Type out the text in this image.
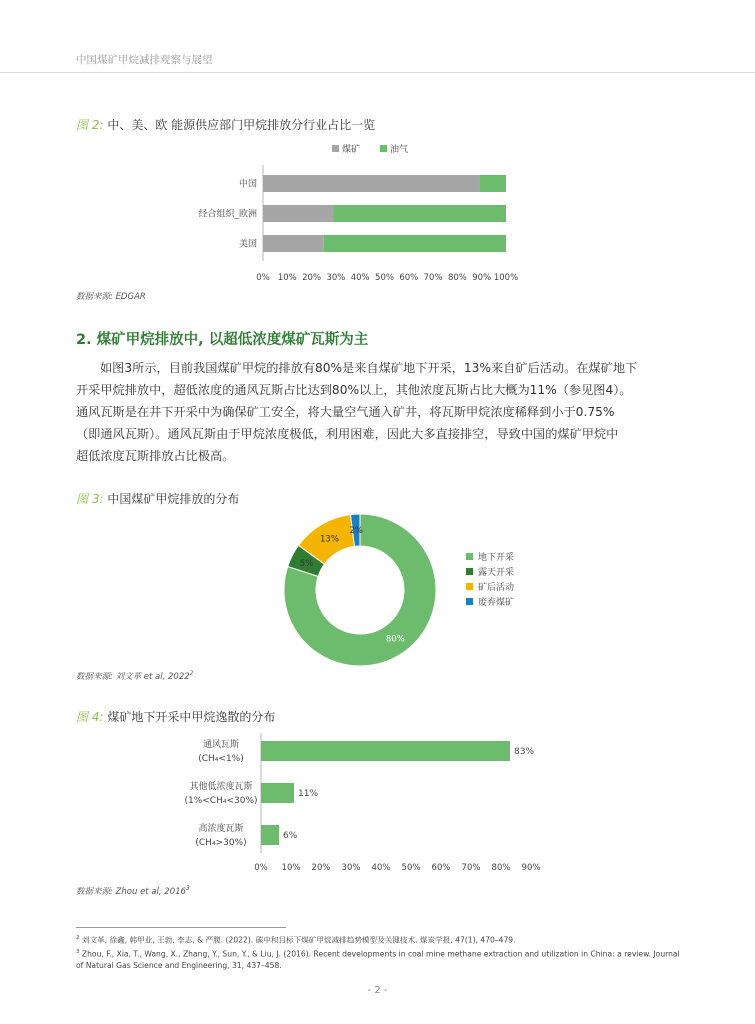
中国煤矿甲烷减排观察与展望
图 2: 中、美、欧 能源供应部门甲烷排放分行业占比一览
煤矿	油气
中国
经合组织_欧洲
美国
0% 10% 20% 30% 40% 50% 60% 70% 80% 90% 100%
数据来源: EDGAR
2. 煤矿甲烷排放中, 以超低浓度煤矿瓦斯为主
如图3所示，目前我国煤矿甲烷的排放有80%是来自煤矿地下开采，13%来自矿后活动。在煤矿地下
开采甲烷排放中，超低浓度的通风瓦斯占比达到80%以上，其他浓度瓦斯占比大概为11%（参见图4）。
通风瓦斯是在井下开采中为确保矿工安全，将大量空气通入矿井，将瓦斯甲烷浓度稀释到小于0.75%
（即通风瓦斯）。通风瓦斯由于甲烷浓度极低，利用困难，因此大多直接排空，导致中国的煤矿甲烷中
超低浓度瓦斯排放占比极高。
图 3: 中国煤矿甲烷排放的分布
80%
5%
13%
2%
地下开采
露天开采
矿后活动
废弃煤矿
数据来源: 刘文革 et al, 2022$^2$
图 4: 煤矿地下开采中甲烷逸散的分布
通风瓦斯
(CH₄<1%)
83%
其他低浓度瓦斯
(1%<CH₄<30%)
11%
高浓度瓦斯
(CH₄>30%)
6%
0% 10% 20% 30% 40% 50% 60% 70% 80% 90%
数据来源: Zhou et al, 2016$^3$
$^2$ 刘文革, 徐鑫, 韩甲业, 王勃, 李志, & 严腹. (2022). 碳中和目标下煤矿甲烷减排趋势模型及关键技术. 煤炭学报, 47(1), 470–479.
$^3$ Zhou, F., Xia, T., Wang, X., Zhang, Y., Sun, Y., & Liu, J. (2016). Recent developments in coal mine methane extraction and utilization in China: a review. Journal of Natural Gas Science and Engineering, 31, 437–458.
- 2 -
